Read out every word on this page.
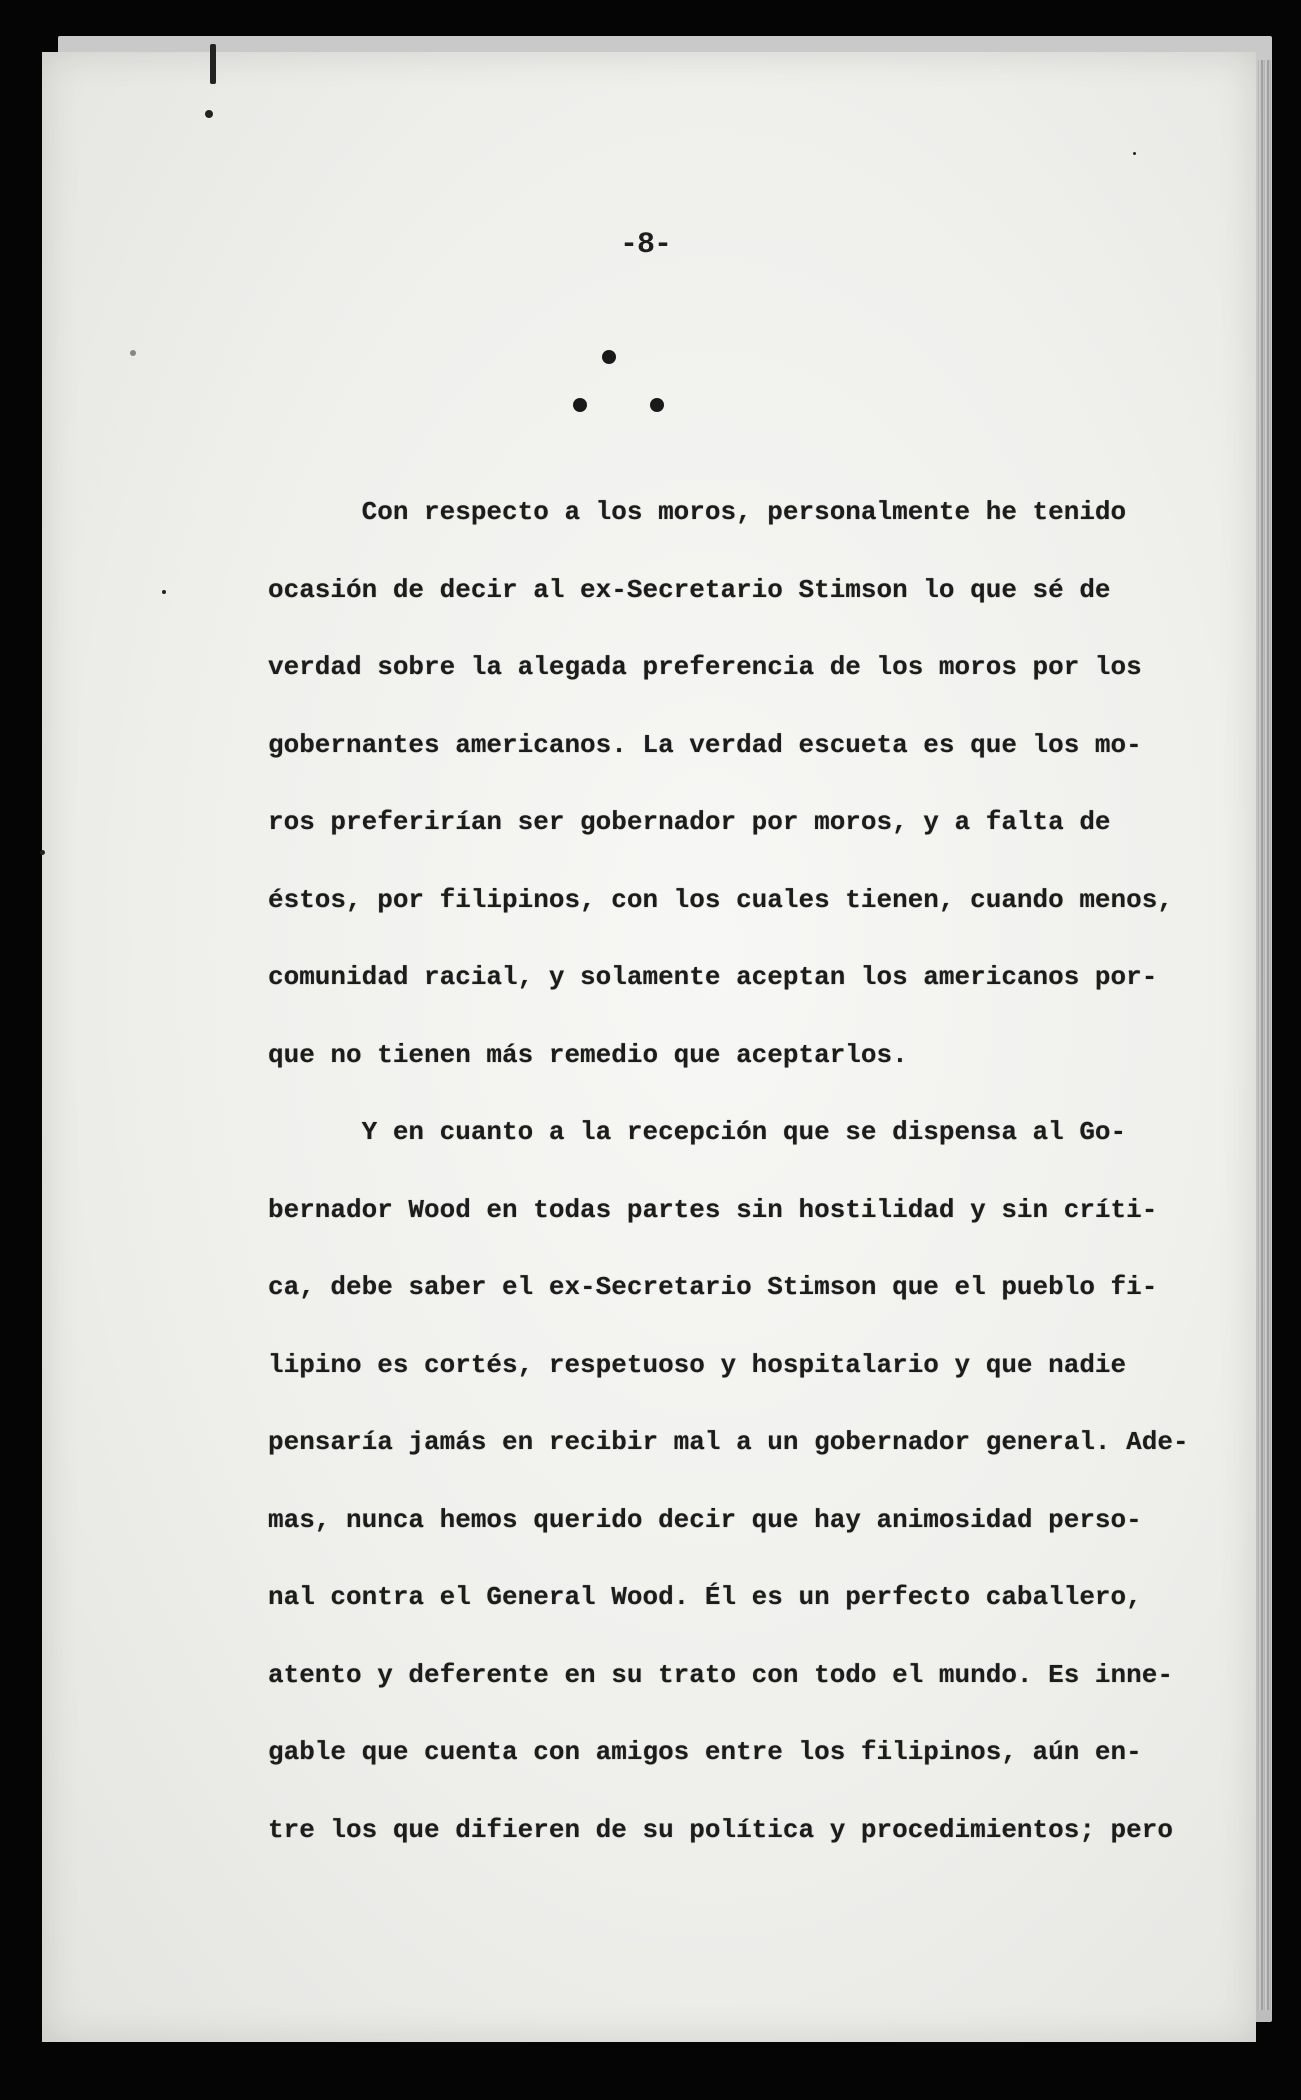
-8-
Con respecto a los moros, personalmente he tenido
ocasión de decir al ex-Secretario Stimson lo que sé de
verdad sobre la alegada preferencia de los moros por los
gobernantes americanos. La verdad escueta es que los mo-
ros preferirían ser gobernador por moros, y a falta de
éstos, por filipinos, con los cuales tienen, cuando menos,
comunidad racial, y solamente aceptan los americanos por-
que no tienen más remedio que aceptarlos.
Y en cuanto a la recepción que se dispensa al Go-
bernador Wood en todas partes sin hostilidad y sin críti-
ca, debe saber el ex-Secretario Stimson que el pueblo fi-
lipino es cortés, respetuoso y hospitalario y que nadie
pensaría jamás en recibir mal a un gobernador general. Ade-
mas, nunca hemos querido decir que hay animosidad perso-
nal contra el General Wood. Él es un perfecto caballero,
atento y deferente en su trato con todo el mundo. Es inne-
gable que cuenta con amigos entre los filipinos, aún en-
tre los que difieren de su política y procedimientos; pero
